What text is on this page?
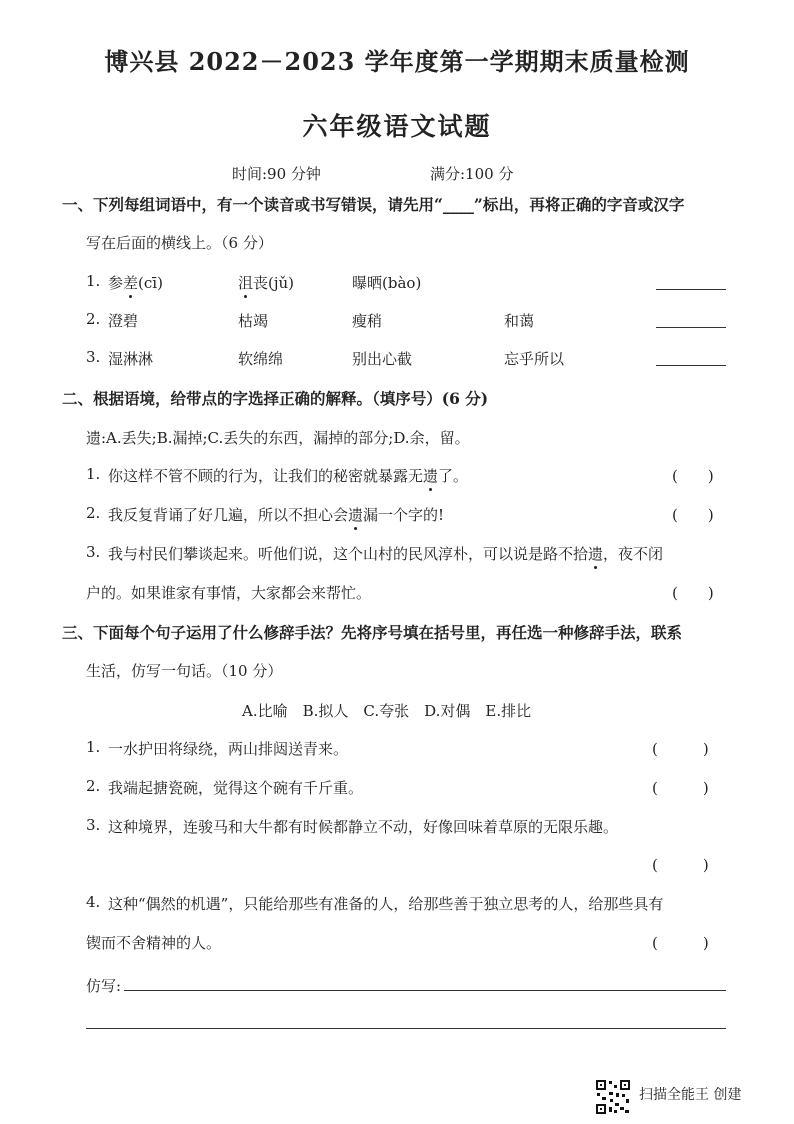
博兴县 2022－2023 学年度第一学期期末质量检测
六年级语文试题
时间:90 分钟	满分:100 分
一、下列每组词语中，有一个读音或书写错误，请先用“____”标出，再将正确的字音或汉字
写在后面的横线上。（6 分）
1. 参差(cī)	沮丧(jǔ)	曝晒(bào)
2. 澄碧	枯竭	瘦稍	和蔼
3. 湿淋淋	软绵绵	别出心截	忘乎所以
二、根据语境，给带点的字选择正确的解释。（填序号）(6 分)
遗:A.丢失;B.漏掉;C.丢失的东西，漏掉的部分;D.余，留。
1. 你这样不管不顾的行为，让我们的秘密就暴露无遗了。	(　　)
2. 我反复背诵了好几遍，所以不担心会遗漏一个字的!	(　　)
3. 我与村民们攀谈起来。听他们说，这个山村的民风淳朴，可以说是路不拾遗，夜不闭
户的。如果谁家有事情，大家都会来帮忙。	(　　)
三、下面每个句子运用了什么修辞手法？先将序号填在括号里，再任选一种修辞手法，联系
生活，仿写一句话。（10 分）
A.比喻　B.拟人　C.夸张　D.对偶　E.排比
1. 一水护田将绿绕，两山排闼送青来。	(　　　)
2. 我端起搪瓷碗，觉得这个碗有千斤重。	(　　　)
3. 这种境界，连骏马和大牛都有时候都静立不动，好像回味着草原的无限乐趣。
(　　　)
4. 这种“偶然的机遇”，只能给那些有准备的人，给那些善于独立思考的人，给那些具有
锲而不舍精神的人。	(　　　)
仿写:
扫描全能王 创建
